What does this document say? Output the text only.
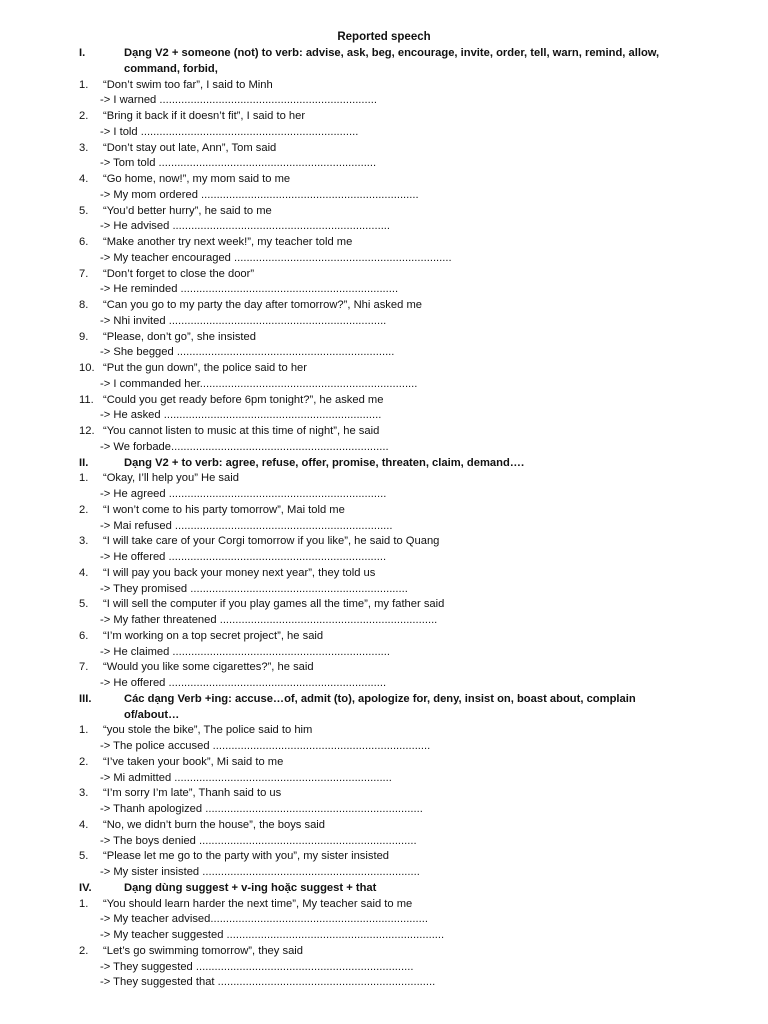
Reported speech
I.	Dạng V2 + someone (not) to verb: advise, ask, beg, encourage, invite, order, tell, warn, remind, allow,
command, forbid,
1. “Don’t swim too far”, I said to Minh
-> I warned ......................................................................
2. “Bring it back if it doesn’t fit”, I said to her
-> I told ......................................................................
3. “Don’t stay out late, Ann”, Tom said
-> Tom told ......................................................................
4. “Go home, now!”, my mom said to me
-> My mom ordered ......................................................................
5. “You’d better hurry”, he said to me
-> He advised ......................................................................
6. “Make another try next week!”, my teacher told me
-> My teacher encouraged ......................................................................
7. “Don’t forget to close the door”
-> He reminded ......................................................................
8. “Can you go to my party the day after tomorrow?”, Nhi asked me
-> Nhi invited ......................................................................
9. “Please, don’t go”, she insisted
-> She begged ......................................................................
10. “Put the gun down”, the police said to her
-> I commanded her......................................................................
11. “Could you get ready before 6pm tonight?”, he asked me
-> He asked ......................................................................
12. “You cannot listen to music at this time of night”, he said
-> We forbade......................................................................
II.	Dạng V2 + to verb: agree, refuse, offer, promise, threaten, claim, demand….
1. “Okay, I’ll help you” He said
-> He agreed ......................................................................
2. “I won’t come to his party tomorrow”, Mai told me
-> Mai refused ......................................................................
3. “I will take care of your Corgi tomorrow if you like”, he said to Quang
-> He offered ......................................................................
4. “I will pay you back your money next year”, they told us
-> They promised ......................................................................
5. “I will sell the computer if you play games all the time”, my father said
-> My father threatened ......................................................................
6. “I’m working on a top secret project”, he said
-> He claimed ......................................................................
7. “Would you like some cigarettes?”, he said
-> He offered ......................................................................
III.	Các dạng Verb +ing: accuse…of, admit (to), apologize for, deny, insist on, boast about, complain
of/about…
1. “you stole the bike”, The police said to him
-> The police accused ......................................................................
2. “I’ve taken your book”, Mi said to me
-> Mi admitted ......................................................................
3. “I’m sorry I’m late”, Thanh said to us
-> Thanh apologized ......................................................................
4. “No, we didn’t burn the house”, the boys said
-> The boys denied ......................................................................
5. “Please let me go to the party with you”, my sister insisted
-> My sister insisted ......................................................................
IV.	Dạng dùng suggest + v-ing hoặc suggest + that
1. “You should learn harder the next time”, My teacher said to me
-> My teacher advised......................................................................
-> My teacher suggested ......................................................................
2. “Let’s go swimming tomorrow”, they said
-> They suggested ......................................................................
-> They suggested that ......................................................................
